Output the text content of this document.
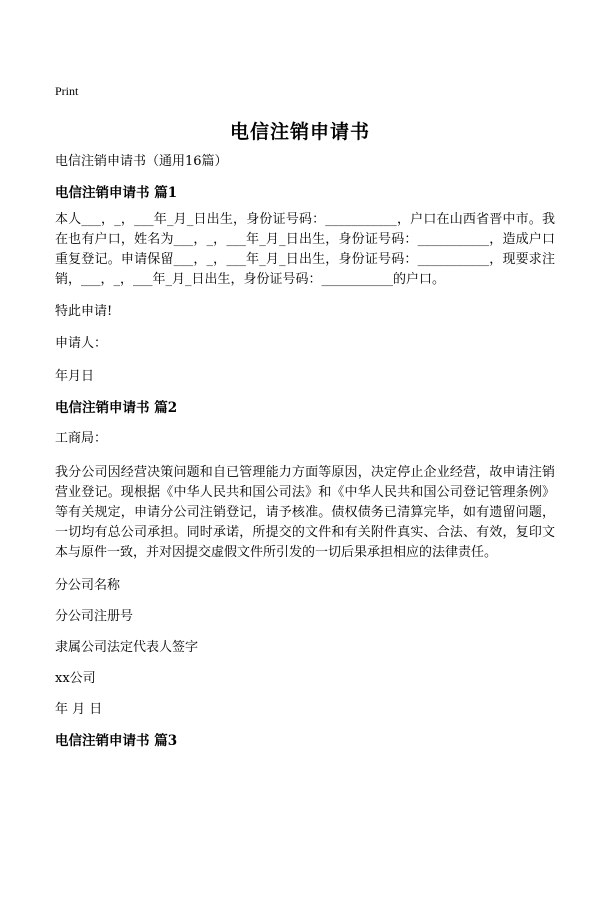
Print
电信注销申请书

电信注销申请书（通用16篇）

电信注销申请书 篇1

本人___，_，___年_月_日出生，身份证号码：___________，户口在山西省晋中市。我在也有户口，姓名为___，_，___年_月_日出生，身份证号码：___________，造成户口重复登记。申请保留___，_，___年_月_日出生，身份证号码：___________，现要求注销，___，_，___年_月_日出生，身份证号码：___________的户口。

特此申请!

申请人：

年月日

电信注销申请书 篇2

工商局：

我分公司因经营决策问题和自已管理能力方面等原因，决定停止企业经营，故申请注销营业登记。现根据《中华人民共和国公司法》和《中华人民共和国公司登记管理条例》等有关规定，申请分公司注销登记，请予核准。债权债务已清算完毕，如有遗留问题，一切均有总公司承担。同时承诺，所提交的文件和有关附件真实、合法、有效，复印文本与原件一致，并对因提交虚假文件所引发的一切后果承担相应的法律责任。

分公司名称

分公司注册号

隶属公司法定代表人签字

xx公司

年 月 日

电信注销申请书 篇3
